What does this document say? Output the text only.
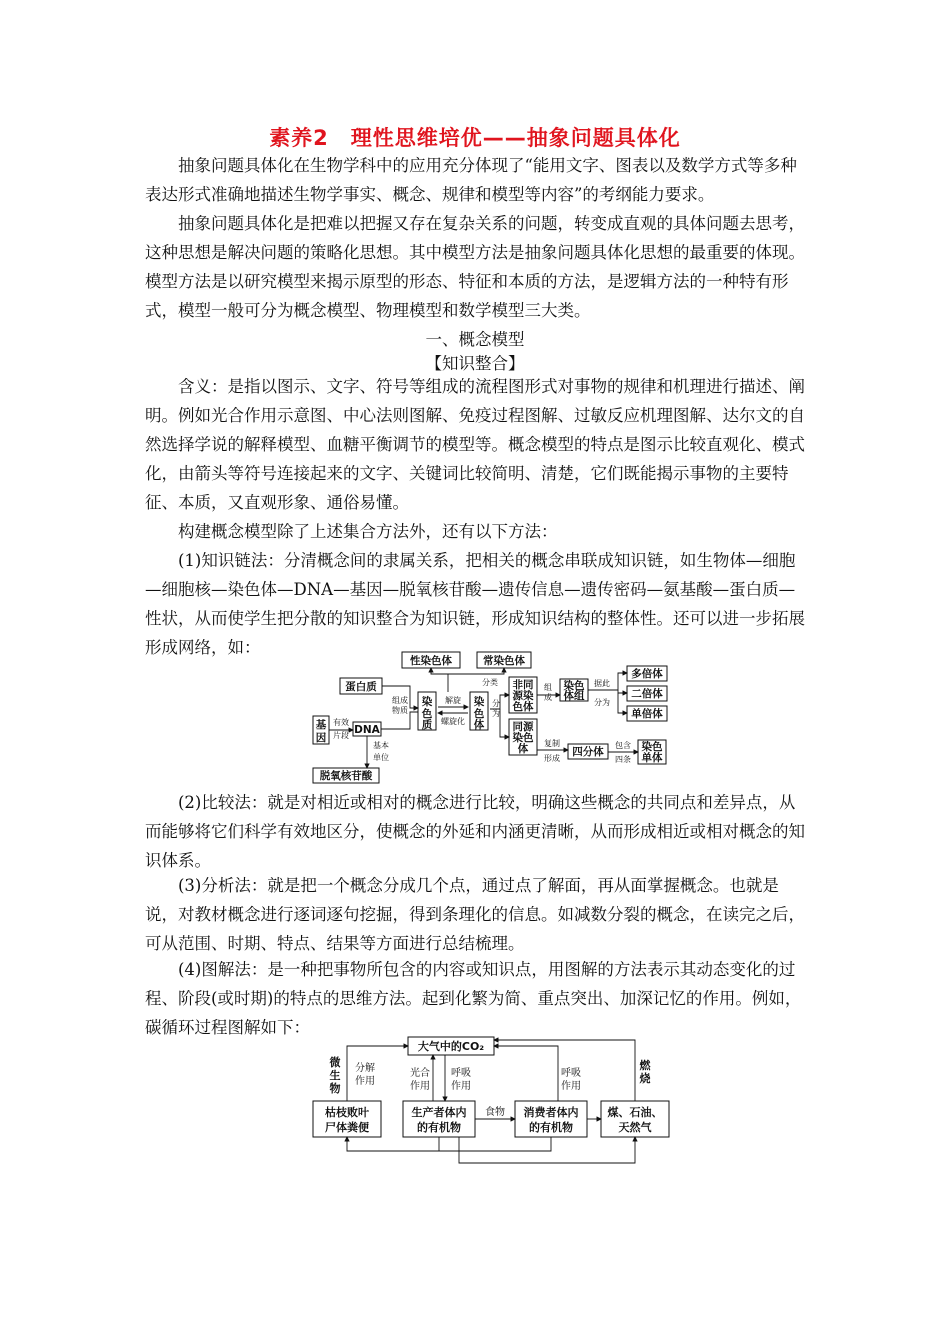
素养2　理性思维培优——抽象问题具体化

抽象问题具体化在生物学科中的应用充分体现了“能用文字、图表以及数学方式等多种表达形式准确地描述生物学事实、概念、规律和模型等内容”的考纲能力要求。

抽象问题具体化是把难以把握又存在复杂关系的问题，转变成直观的具体问题去思考，这种思想是解决问题的策略化思想。其中模型方法是抽象问题具体化思想的最重要的体现。模型方法是以研究模型来揭示原型的形态、特征和本质的方法，是逻辑方法的一种特有形式，模型一般可分为概念模型、物理模型和数学模型三大类。

一、概念模型
【知识整合】

含义：是指以图示、文字、符号等组成的流程图形式对事物的规律和机理进行描述、阐明。例如光合作用示意图、中心法则图解、免疫过程图解、过敏反应机理图解、达尔文的自然选择学说的解释模型、血糖平衡调节的模型等。概念模型的特点是图示比较直观化、模式化，由箭头等符号连接起来的文字、关键词比较简明、清楚，它们既能揭示事物的主要特征、本质，又直观形象、通俗易懂。

构建概念模型除了上述集合方法外，还有以下方法：

(1)知识链法：分清概念间的隶属关系，把相关的概念串联成知识链，如生物体—细胞—细胞核—染色体—DNA—基因—脱氧核苷酸—遗传信息—遗传密码—氨基酸—蛋白质—性状，从而使学生把分散的知识整合为知识链，形成知识结构的整体性。还可以进一步拓展形成网络，如：

性染色体	常染色体
蛋白质
多倍体
二倍体
单倍体
DNA
脱氧核苷酸
四分体
染
色
质
染
色
体
非同
源染
色体
染色
体组
基
因
同源
染色
体	染色
单体
组成
物质
解旋
螺旋化
分类
分
为
组
成
据此
分为
有效
片段
基本
单位
复制
形成
包含
四条

(2)比较法：就是对相近或相对的概念进行比较，明确这些概念的共同点和差异点，从而能够将它们科学有效地区分，使概念的外延和内涵更清晰，从而形成相近或相对概念的知识体系。

(3)分析法：就是把一个概念分成几个点，通过点了解面，再从面掌握概念。也就是说，对教材概念进行逐词逐句挖掘，得到条理化的信息。如减数分裂的概念，在读完之后，可从范围、时期、特点、结果等方面进行总结梳理。

(4)图解法：是一种把事物所包含的内容或知识点，用图解的方法表示其动态变化的过程、阶段(或时期)的特点的思维方法。起到化繁为简、重点突出、加深记忆的作用。例如，碳循环过程图解如下：

大气中的CO₂
枯枝败叶
尸体粪便
生产者体内
的有机物
消费者体内
的有机物
煤、石油、
天然气
微
生
物
燃
烧
分解
作用
光合
作用
呼吸
作用
呼吸
作用
食物
